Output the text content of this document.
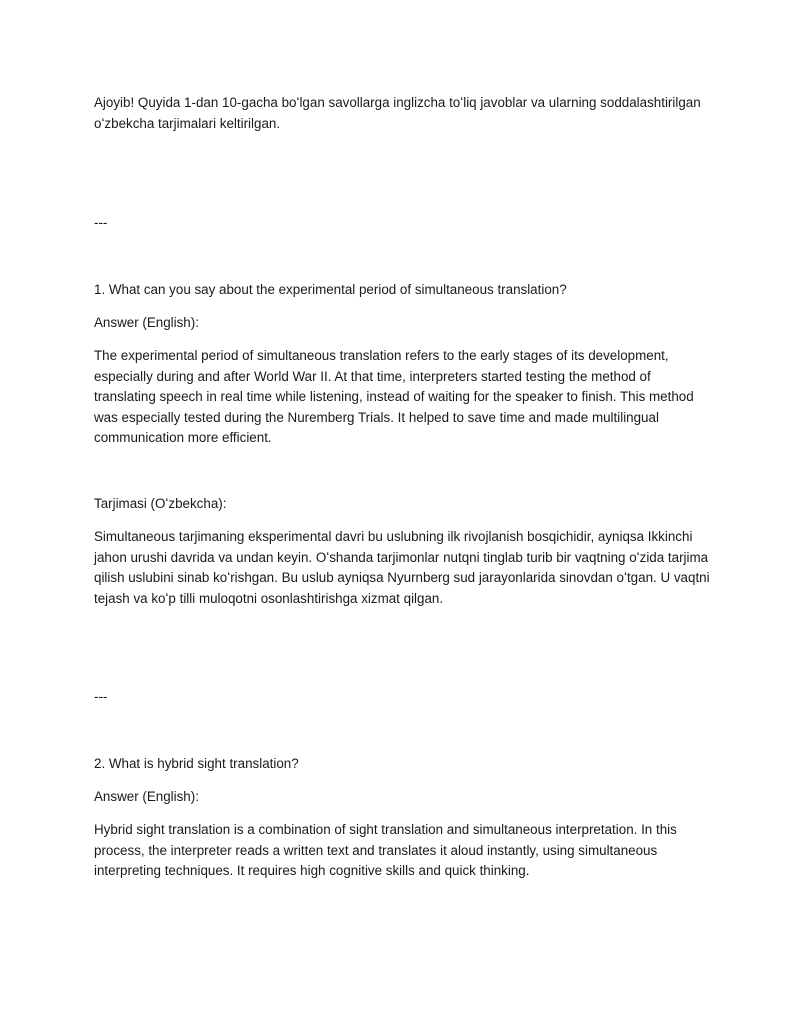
Ajoyib! Quyida 1-dan 10-gacha boʻlgan savollarga inglizcha toʻliq javoblar va ularning soddalashtirilgan oʻzbekcha tarjimalari keltirilgan.

---

1. What can you say about the experimental period of simultaneous translation?

Answer (English):

The experimental period of simultaneous translation refers to the early stages of its development, especially during and after World War II. At that time, interpreters started testing the method of translating speech in real time while listening, instead of waiting for the speaker to finish. This method was especially tested during the Nuremberg Trials. It helped to save time and made multilingual communication more efficient.

Tarjimasi (Oʻzbekcha):

Simultaneous tarjimaning eksperimental davri bu uslubning ilk rivojlanish bosqichidir, ayniqsa Ikkinchi jahon urushi davrida va undan keyin. Oʻshanda tarjimonlar nutqni tinglab turib bir vaqtning oʻzida tarjima qilish uslubini sinab koʻrishgan. Bu uslub ayniqsa Nyurnberg sud jarayonlarida sinovdan oʻtgan. U vaqtni tejash va koʻp tilli muloqotni osonlashtirishga xizmat qilgan.

---

2. What is hybrid sight translation?

Answer (English):

Hybrid sight translation is a combination of sight translation and simultaneous interpretation. In this process, the interpreter reads a written text and translates it aloud instantly, using simultaneous interpreting techniques. It requires high cognitive skills and quick thinking.
